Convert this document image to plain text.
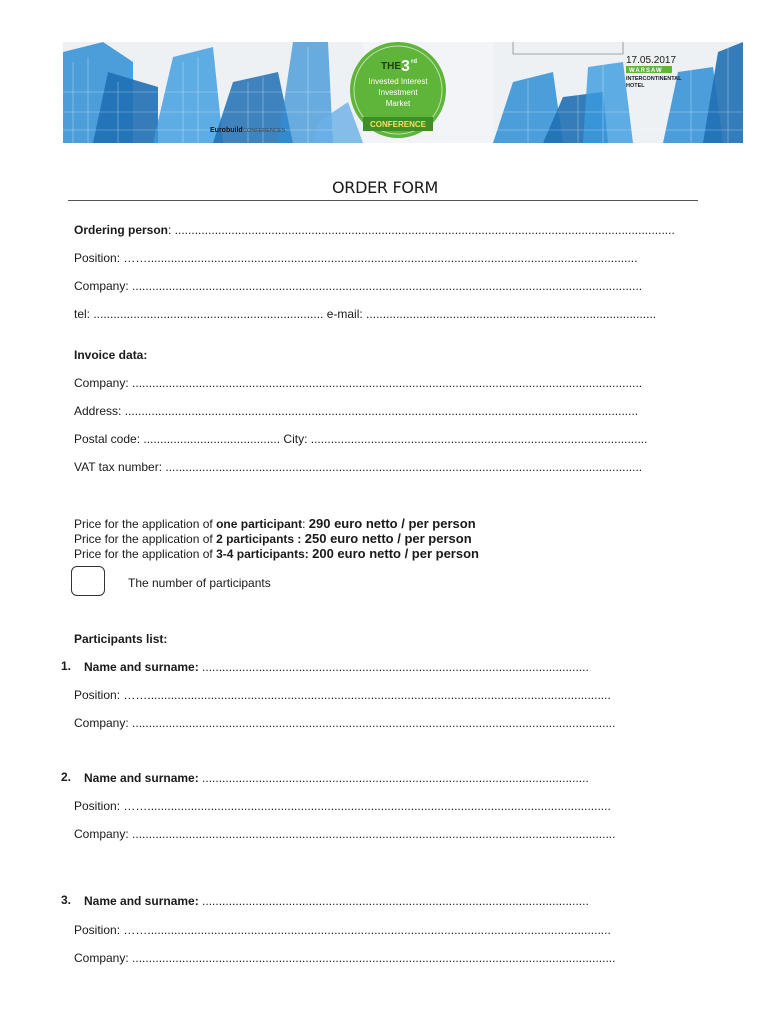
THE 3 rd
Invested Interest
Investment
Market
CONFERENCE
17.05.2017
WARSAW
INTERCONTINENTAL
HOTEL
Eurobuild CONFERENCES
ORDER FORM
Ordering person: ......................................................................................................................................................
Position: ……...................................................................................................................................................
Company: .........................................................................................................................................................
tel: ..................................................................... e-mail: .......................................................................................
Invoice data:
Company: .........................................................................................................................................................
Address: ..........................................................................................................................................................
Postal code: ......................................... City: .....................................................................................................
VAT tax number: ...............................................................................................................................................
Price for the application of one participant: 290 euro netto / per person
Price for the application of 2 participants : 250 euro netto / per person
Price for the application of 3-4 participants: 200 euro netto / per person
The number of participants
Participants list:
1. Name and surname: ....................................................................................................................
Position: ……...........................................................................................................................................
Company: .................................................................................................................................................
2. Name and surname: ....................................................................................................................
Position: ……...........................................................................................................................................
Company: .................................................................................................................................................
3. Name and surname: ....................................................................................................................
Position: ……...........................................................................................................................................
Company: .................................................................................................................................................
